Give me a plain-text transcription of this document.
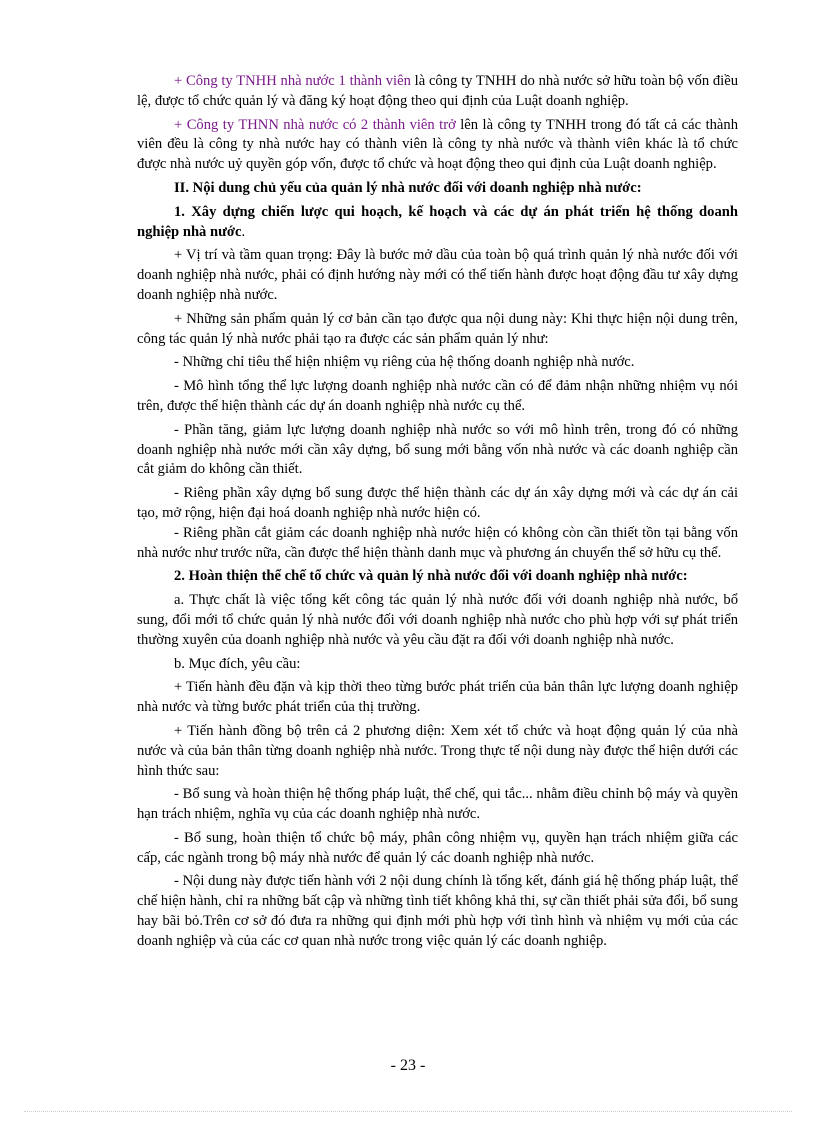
+ Công ty TNHH nhà nước 1 thành viên là công ty TNHH do nhà nước sở hữu toàn bộ vốn điều lệ, được tổ chức quản lý và đăng ký hoạt động theo qui định của Luật doanh nghiệp.

+ Công ty THNN nhà nước có 2 thành viên trở lên là công ty TNHH trong đó tất cả các thành viên đều là công ty nhà nước hay có thành viên là công ty nhà nước và thành viên khác là tổ chức được nhà nước uỷ quyền góp vốn, được tổ chức và hoạt động theo qui định của Luật doanh nghiệp.

II. Nội dung chủ yếu của quản lý nhà nước đối với doanh nghiệp nhà nước:

1. Xây dựng chiến lược qui hoạch, kế hoạch và các dự án phát triển hệ thống doanh nghiệp nhà nước.

+ Vị trí và tầm quan trọng: Đây là bước mở dầu của toàn bộ quá trình quản lý nhà nước đối với doanh nghiệp nhà nước, phải có định hướng này mới có thể tiến hành được hoạt động đầu tư xây dựng doanh nghiệp nhà nước.

+ Những sản phẩm quản lý cơ bản cần tạo được qua nội dung này: Khi thực hiện nội dung trên, công tác quản lý nhà nước phải tạo ra được các sản phẩm quản lý như:

- Những chỉ tiêu thể hiện nhiệm vụ riêng của hệ thống doanh nghiệp nhà nước.

- Mô hình tổng thể lực lượng doanh nghiệp nhà nước cần có để đảm nhận những nhiệm vụ nói trên, được thể hiện thành các dự án doanh nghiệp nhà nước cụ thể.

- Phần tăng, giảm lực lượng doanh nghiệp nhà nước so với mô hình trên, trong đó có những doanh nghiệp nhà nước mới cần xây dựng, bổ sung mới bằng vốn nhà nước và các doanh nghiệp cần cắt giảm do không cần thiết.

- Riêng phần xây dựng bổ sung được thể hiện thành các dự án xây dựng mới và các dự án cải tạo, mở rộng, hiện đại hoá doanh nghiệp nhà nước hiện có.

- Riêng phần cắt giảm các doanh nghiệp nhà nước hiện có không còn cần thiết tồn tại bằng vốn nhà nước như trước nữa, cần được thể hiện thành danh mục và phương án chuyển thể sở hữu cụ thể.

2. Hoàn thiện thể chế tổ chức và quản lý nhà nước đối với doanh nghiệp nhà nước:

a. Thực chất là việc tổng kết công tác quản lý nhà nước đối với doanh nghiệp nhà nước, bổ sung, đổi mới tổ chức quản lý nhà nước đối với doanh nghiệp nhà nước cho phù hợp với sự phát triển thường xuyên của doanh nghiệp nhà nước và yêu cầu đặt ra đối với doanh nghiệp nhà nước.

b. Mục đích, yêu cầu:

+ Tiến hành đều đặn và kịp thời theo từng bước phát triển của bản thân lực lượng doanh nghiệp nhà nước và từng bước phát triển của thị trường.

+ Tiến hành đồng bộ trên cả 2 phương diện: Xem xét tổ chức và hoạt động quản lý của nhà nước và của bản thân từng doanh nghiệp nhà nước. Trong thực tế nội dung này được thể hiện dưới các hình thức sau:

- Bổ sung và hoàn thiện hệ thống pháp luật, thể chế, qui tắc... nhằm điều chỉnh bộ máy và quyền hạn trách nhiệm, nghĩa vụ của các doanh nghiệp nhà nước.

- Bổ sung, hoàn thiện tổ chức bộ máy, phân công nhiệm vụ, quyền hạn trách nhiệm giữa các cấp, các ngành trong bộ máy nhà nước để quản lý các doanh nghiệp nhà nước.

- Nội dung này được tiến hành với 2 nội dung chính là tổng kết, đánh giá hệ thống pháp luật, thể chế hiện hành, chỉ ra những bất cập và những tình tiết không khả thi, sự cần thiết phải sửa đổi, bổ sung hay bãi bỏ.Trên cơ sở đó đưa ra những qui định mới phù hợp với tình hình và nhiệm vụ mới của các doanh nghiệp và của các cơ quan nhà nước trong việc quản lý các doanh nghiệp.

- 23 -
